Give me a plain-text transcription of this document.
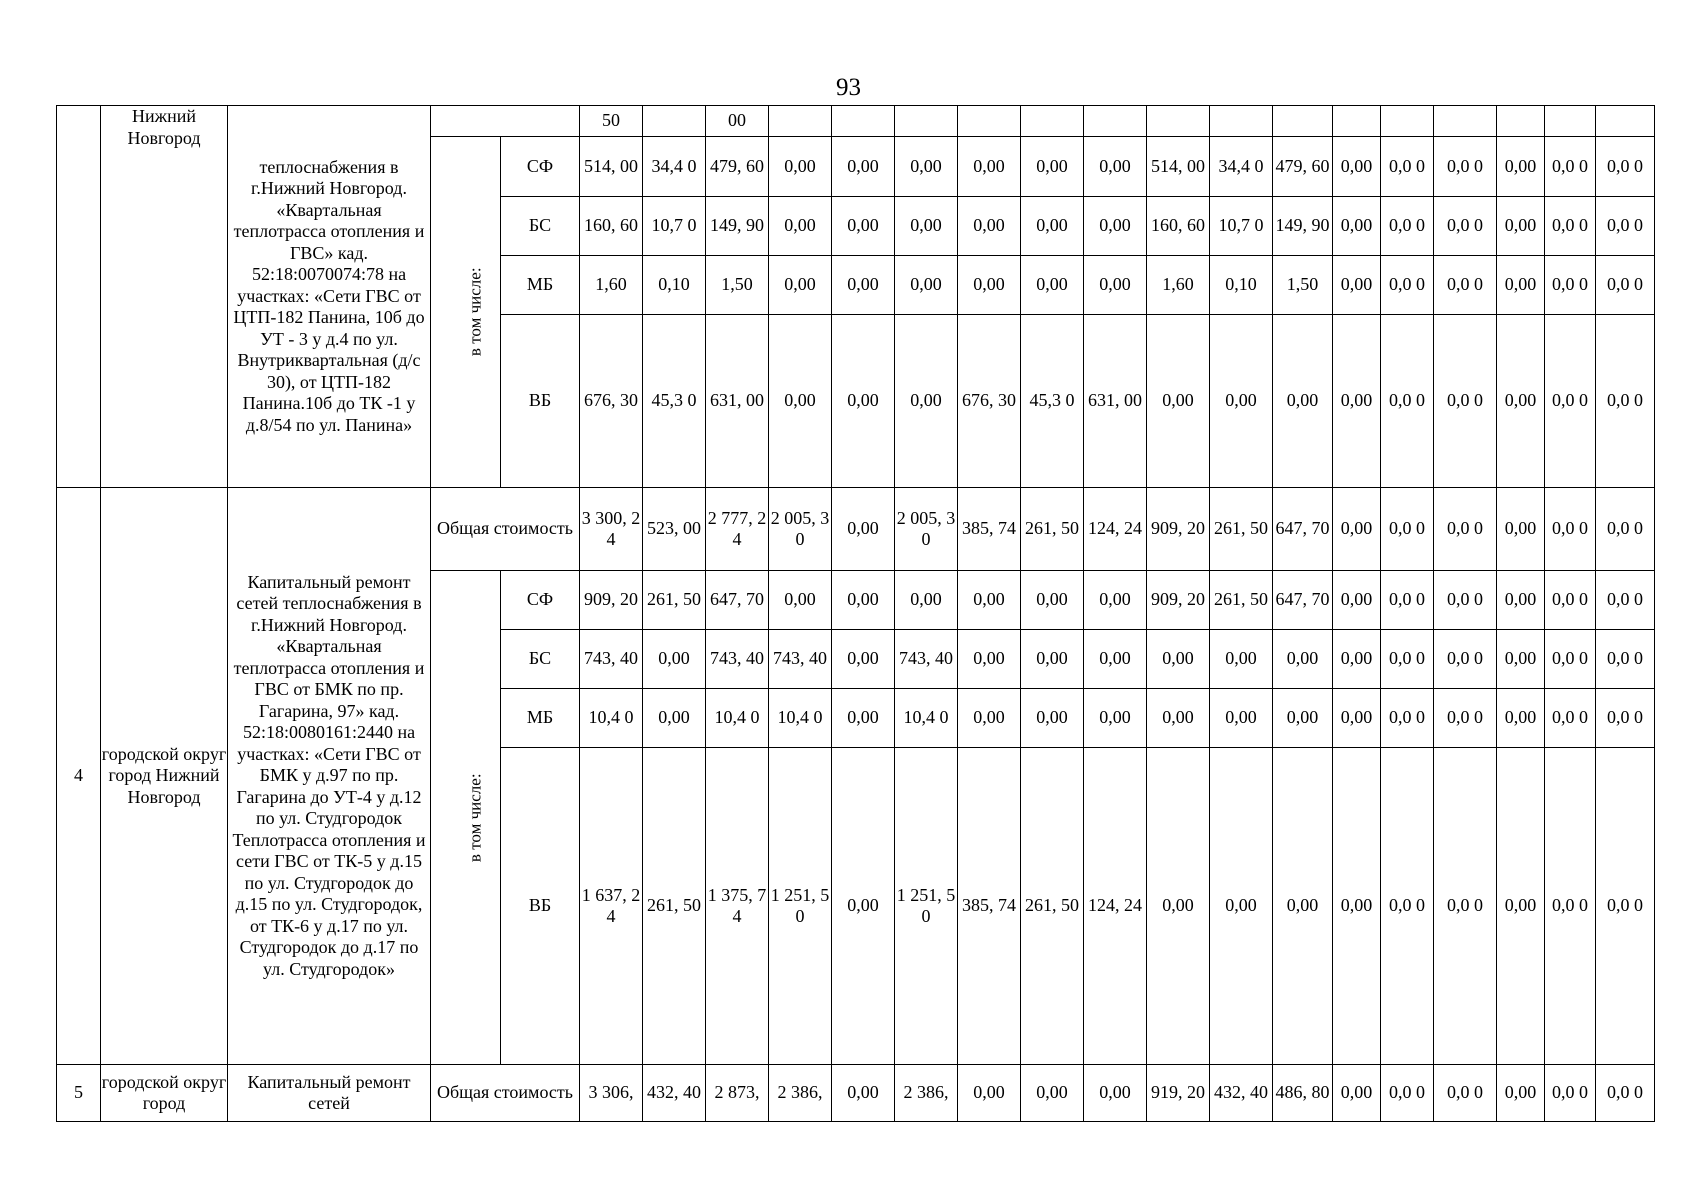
93
	Нижний Новгород	теплоснабжения в г.Нижний Новгород. «Квартальная теплотрасса отопления и ГВС» кад. 52:18:0070074:78 на участках: «Сети ГВС от ЦТП-182 Панина, 10б до УТ - 3 у д.4 по ул. Внутриквартальная (д/с 30), от ЦТП-182 Панина.10б до ТК -1 у д.8/54 по ул. Панина»			50		00															
			в том числе:	СФ	514, 00	34,4 0	479, 60	0,00	0,00	0,00	0,00	0,00	0,00	514, 00	34,4 0	479, 60	0,00	0,0 0	0,0 0	0,00	0,0 0	0,0 0
				БС	160, 60	10,7 0	149, 90	0,00	0,00	0,00	0,00	0,00	0,00	160, 60	10,7 0	149, 90	0,00	0,0 0	0,0 0	0,00	0,0 0	0,0 0
				МБ	1,60	0,10	1,50	0,00	0,00	0,00	0,00	0,00	0,00	1,60	0,10	1,50	0,00	0,0 0	0,0 0	0,00	0,0 0	0,0 0
				ВБ	676, 30	45,3 0	631, 00	0,00	0,00	0,00	676, 30	45,3 0	631, 00	0,00	0,00	0,00	0,00	0,0 0	0,0 0	0,00	0,0 0	0,0 0
4	городской округ город Нижний Новгород	Капитальный ремонт сетей теплоснабжения в г.Нижний Новгород. «Квартальная теплотрасса отопления и ГВС от БМК по пр. Гагарина, 97» кад. 52:18:0080161:2440 на участках: «Сети ГВС от БМК у д.97 по пр. Гагарина до УТ-4 у д.12 по ул. Студгородок Теплотрасса отопления и сети ГВС от ТК-5 у д.15 по ул. Студгородок до д.15 по ул. Студгородок, от ТК-6 у д.17 по ул. Студгородок до д.17 по ул. Студгородок»	Общая стоимость		3 300, 24	523, 00	2 777, 24	2 005, 30	0,00	2 005, 30	385, 74	261, 50	124, 24	909, 20	261, 50	647, 70	0,00	0,0 0	0,0 0	0,00	0,0 0	0,0 0
			в том числе:	СФ	909, 20	261, 50	647, 70	0,00	0,00	0,00	0,00	0,00	0,00	909, 20	261, 50	647, 70	0,00	0,0 0	0,0 0	0,00	0,0 0	0,0 0
				БС	743, 40	0,00	743, 40	743, 40	0,00	743, 40	0,00	0,00	0,00	0,00	0,00	0,00	0,00	0,0 0	0,0 0	0,00	0,0 0	0,0 0
				МБ	10,4 0	0,00	10,4 0	10,4 0	0,00	10,4 0	0,00	0,00	0,00	0,00	0,00	0,00	0,00	0,0 0	0,0 0	0,00	0,0 0	0,0 0
				ВБ	1 637, 24	261, 50	1 375, 74	1 251, 50	0,00	1 251, 50	385, 74	261, 50	124, 24	0,00	0,00	0,00	0,00	0,0 0	0,0 0	0,00	0,0 0	0,0 0
5	городской округ город	Капитальный ремонт сетей	Общая стоимость		3 306,	432, 40	2 873,	2 386,	0,00	2 386,	0,00	0,00	0,00	919, 20	432, 40	486, 80	0,00	0,0 0	0,0 0	0,00	0,0 0	0,0 0
